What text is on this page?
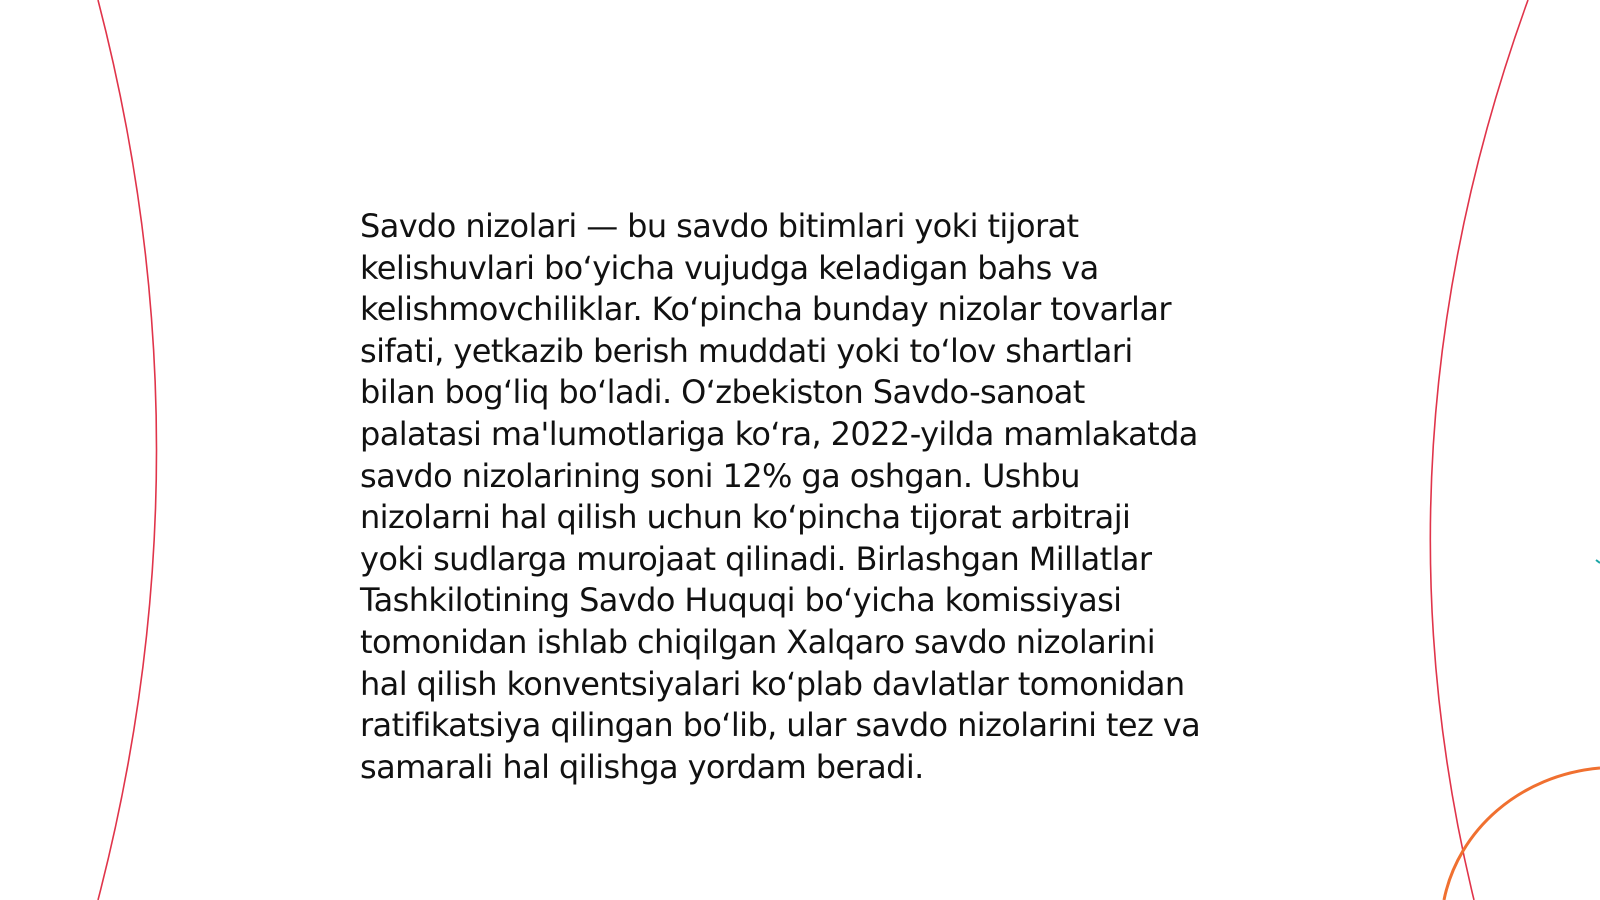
Savdo nizolari — bu savdo bitimlari yoki tijorat
kelishuvlari bo‘yicha vujudga keladigan bahs va
kelishmovchiliklar. Ko‘pincha bunday nizolar tovarlar
sifati, yetkazib berish muddati yoki to‘lov shartlari
bilan bog‘liq bo‘ladi. O‘zbekiston Savdo-sanoat
palatasi ma'lumotlariga ko‘ra, 2022-yilda mamlakatda
savdo nizolarining soni 12% ga oshgan. Ushbu
nizolarni hal qilish uchun ko‘pincha tijorat arbitraji
yoki sudlarga murojaat qilinadi. Birlashgan Millatlar
Tashkilotining Savdo Huquqi bo‘yicha komissiyasi
tomonidan ishlab chiqilgan Xalqaro savdo nizolarini
hal qilish konventsiyalari ko‘plab davlatlar tomonidan
ratifikatsiya qilingan bo‘lib, ular savdo nizolarini tez va
samarali hal qilishga yordam beradi.
